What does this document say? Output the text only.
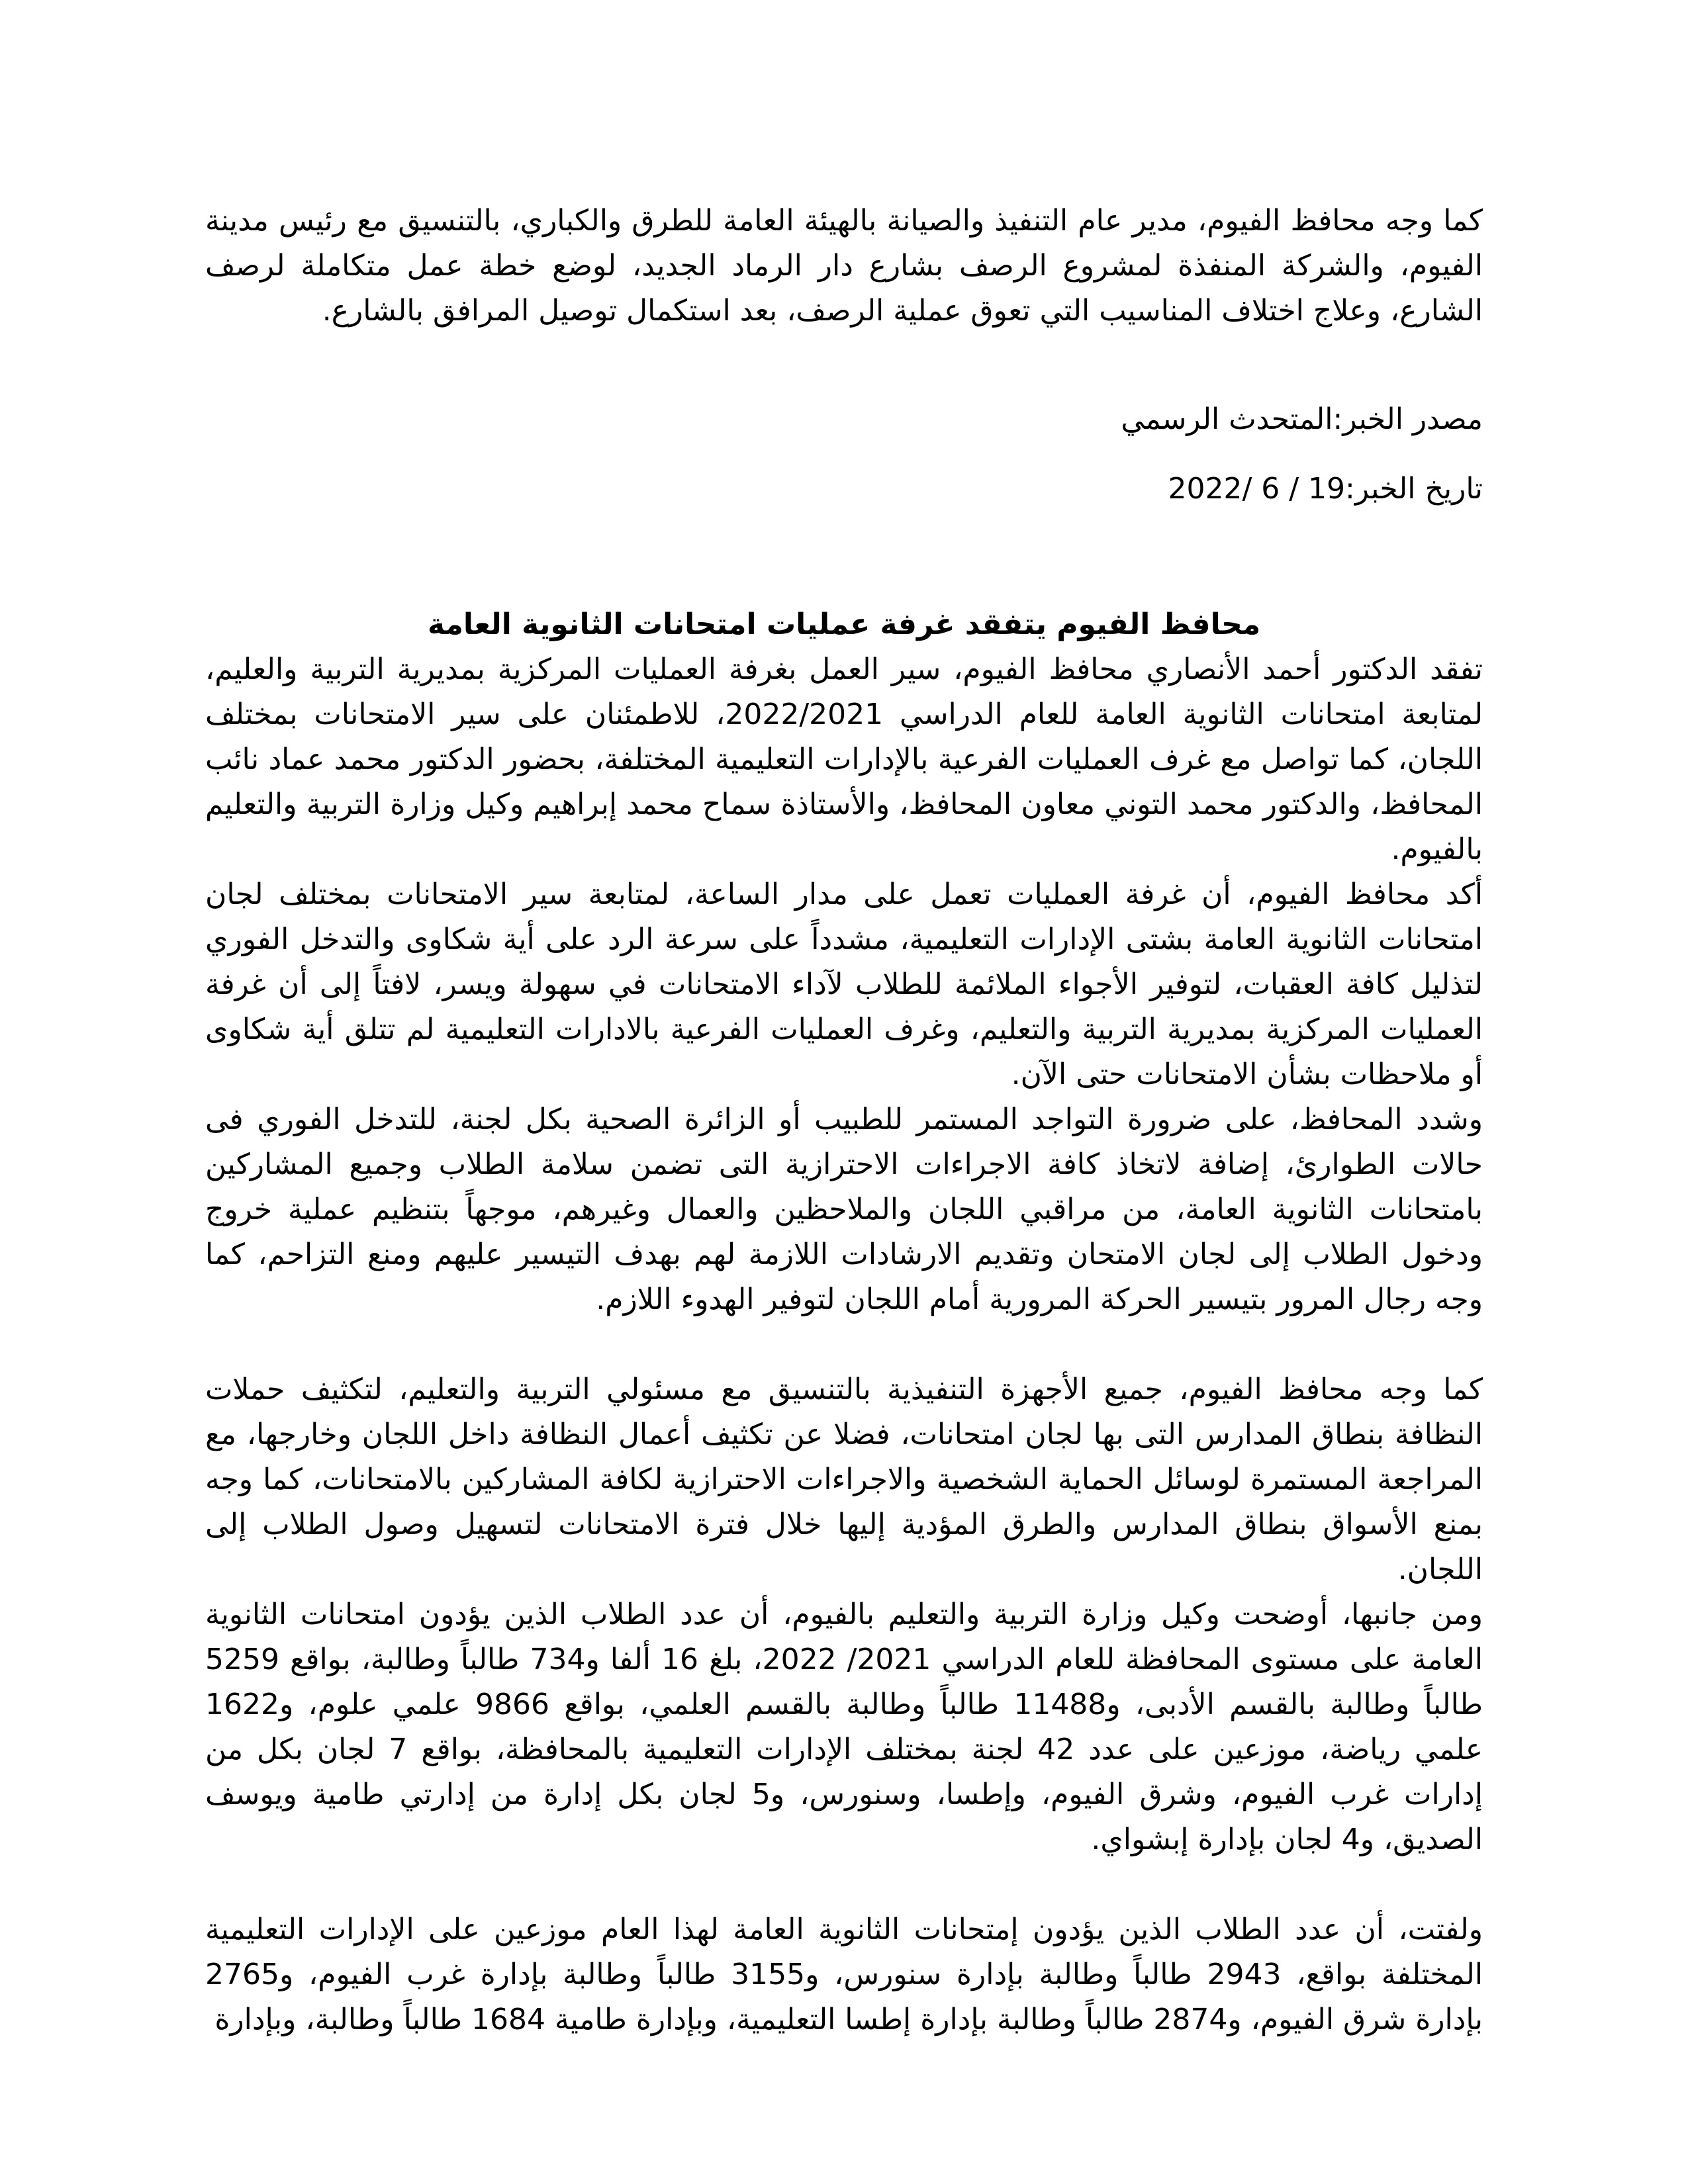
كما وجه محافظ الفيوم، مدير عام التنفيذ والصيانة بالهيئة العامة للطرق والكباري، بالتنسيق مع رئيس مدينة الفيوم، والشركة المنفذة لمشروع الرصف بشارع دار الرماد الجديد، لوضع خطة عمل متكاملة لرصف الشارع، وعلاج اختلاف المناسيب التي تعوق عملية الرصف، بعد استكمال توصيل المرافق بالشارع.

مصدر الخبر:المتحدث الرسمي

تاريخ الخبر:19 / 6 /2022

محافظ الفيوم يتفقد غرفة عمليات امتحانات الثانوية العامة

تفقد الدكتور أحمد الأنصاري محافظ الفيوم، سير العمل بغرفة العمليات المركزية بمديرية التربية والعليم، لمتابعة امتحانات الثانوية العامة للعام الدراسي 2022/2021، للاطمئنان على سير الامتحانات بمختلف اللجان، كما تواصل مع غرف العمليات الفرعية بالإدارات التعليمية المختلفة، بحضور الدكتور محمد عماد نائب المحافظ، والدكتور محمد التوني معاون المحافظ، والأستاذة سماح محمد إبراهيم وكيل وزارة التربية والتعليم بالفيوم.

أكد محافظ الفيوم، أن غرفة العمليات تعمل على مدار الساعة، لمتابعة سير الامتحانات بمختلف لجان امتحانات الثانوية العامة بشتى الإدارات التعليمية، مشدداً على سرعة الرد على أية شكاوى والتدخل الفوري لتذليل كافة العقبات، لتوفير الأجواء الملائمة للطلاب لآداء الامتحانات في سهولة ويسر، لافتاً إلى أن غرفة العمليات المركزية بمديرية التربية والتعليم، وغرف العمليات الفرعية بالادارات التعليمية لم تتلق أية شكاوى أو ملاحظات بشأن الامتحانات حتى الآن.

وشدد المحافظ، على ضرورة التواجد المستمر للطبيب أو الزائرة الصحية بكل لجنة، للتدخل الفوري فى حالات الطوارئ، إضافة لاتخاذ كافة الاجراءات الاحترازية التى تضمن سلامة الطلاب وجميع المشاركين بامتحانات الثانوية العامة، من مراقبي اللجان والملاحظين والعمال وغيرهم، موجهاً بتنظيم عملية خروج ودخول الطلاب إلى لجان الامتحان وتقديم الارشادات اللازمة لهم بهدف التيسير عليهم ومنع التزاحم، كما وجه رجال المرور بتيسير الحركة المرورية أمام اللجان لتوفير الهدوء اللازم.

كما وجه محافظ الفيوم، جميع الأجهزة التنفيذية بالتنسيق مع مسئولي التربية والتعليم، لتكثيف حملات النظافة بنطاق المدارس التى بها لجان امتحانات، فضلا عن تكثيف أعمال النظافة داخل اللجان وخارجها، مع المراجعة المستمرة لوسائل الحماية الشخصية والاجراءات الاحترازية لكافة المشاركين بالامتحانات، كما وجه بمنع الأسواق بنطاق المدارس والطرق المؤدية إليها خلال فترة الامتحانات لتسهيل وصول الطلاب إلى اللجان.

ومن جانبها، أوضحت وكيل وزارة التربية والتعليم بالفيوم، أن عدد الطلاب الذين يؤدون امتحانات الثانوية العامة على مستوى المحافظة للعام الدراسي 2021/ 2022، بلغ 16 ألفا و734 طالباً وطالبة، بواقع 5259 طالباً وطالبة بالقسم الأدبى، و11488 طالباً وطالبة بالقسم العلمي، بواقع 9866 علمي علوم، و1622 علمي رياضة، موزعين على عدد 42 لجنة بمختلف الإدارات التعليمية بالمحافظة، بواقع 7 لجان بكل من إدارات غرب الفيوم، وشرق الفيوم، وإطسا، وسنورس، و5 لجان بكل إدارة من إدارتي طامية ويوسف الصديق، و4 لجان بإدارة إبشواي.

ولفتت، أن عدد الطلاب الذين يؤدون إمتحانات الثانوية العامة لهذا العام موزعين على الإدارات التعليمية المختلفة بواقع، 2943 طالباً وطالبة بإدارة سنورس، و3155 طالباً وطالبة بإدارة غرب الفيوم، و2765 بإدارة شرق الفيوم، و2874 طالباً وطالبة بإدارة إطسا التعليمية، وبإدارة طامية 1684 طالباً وطالبة، وبإدارة
